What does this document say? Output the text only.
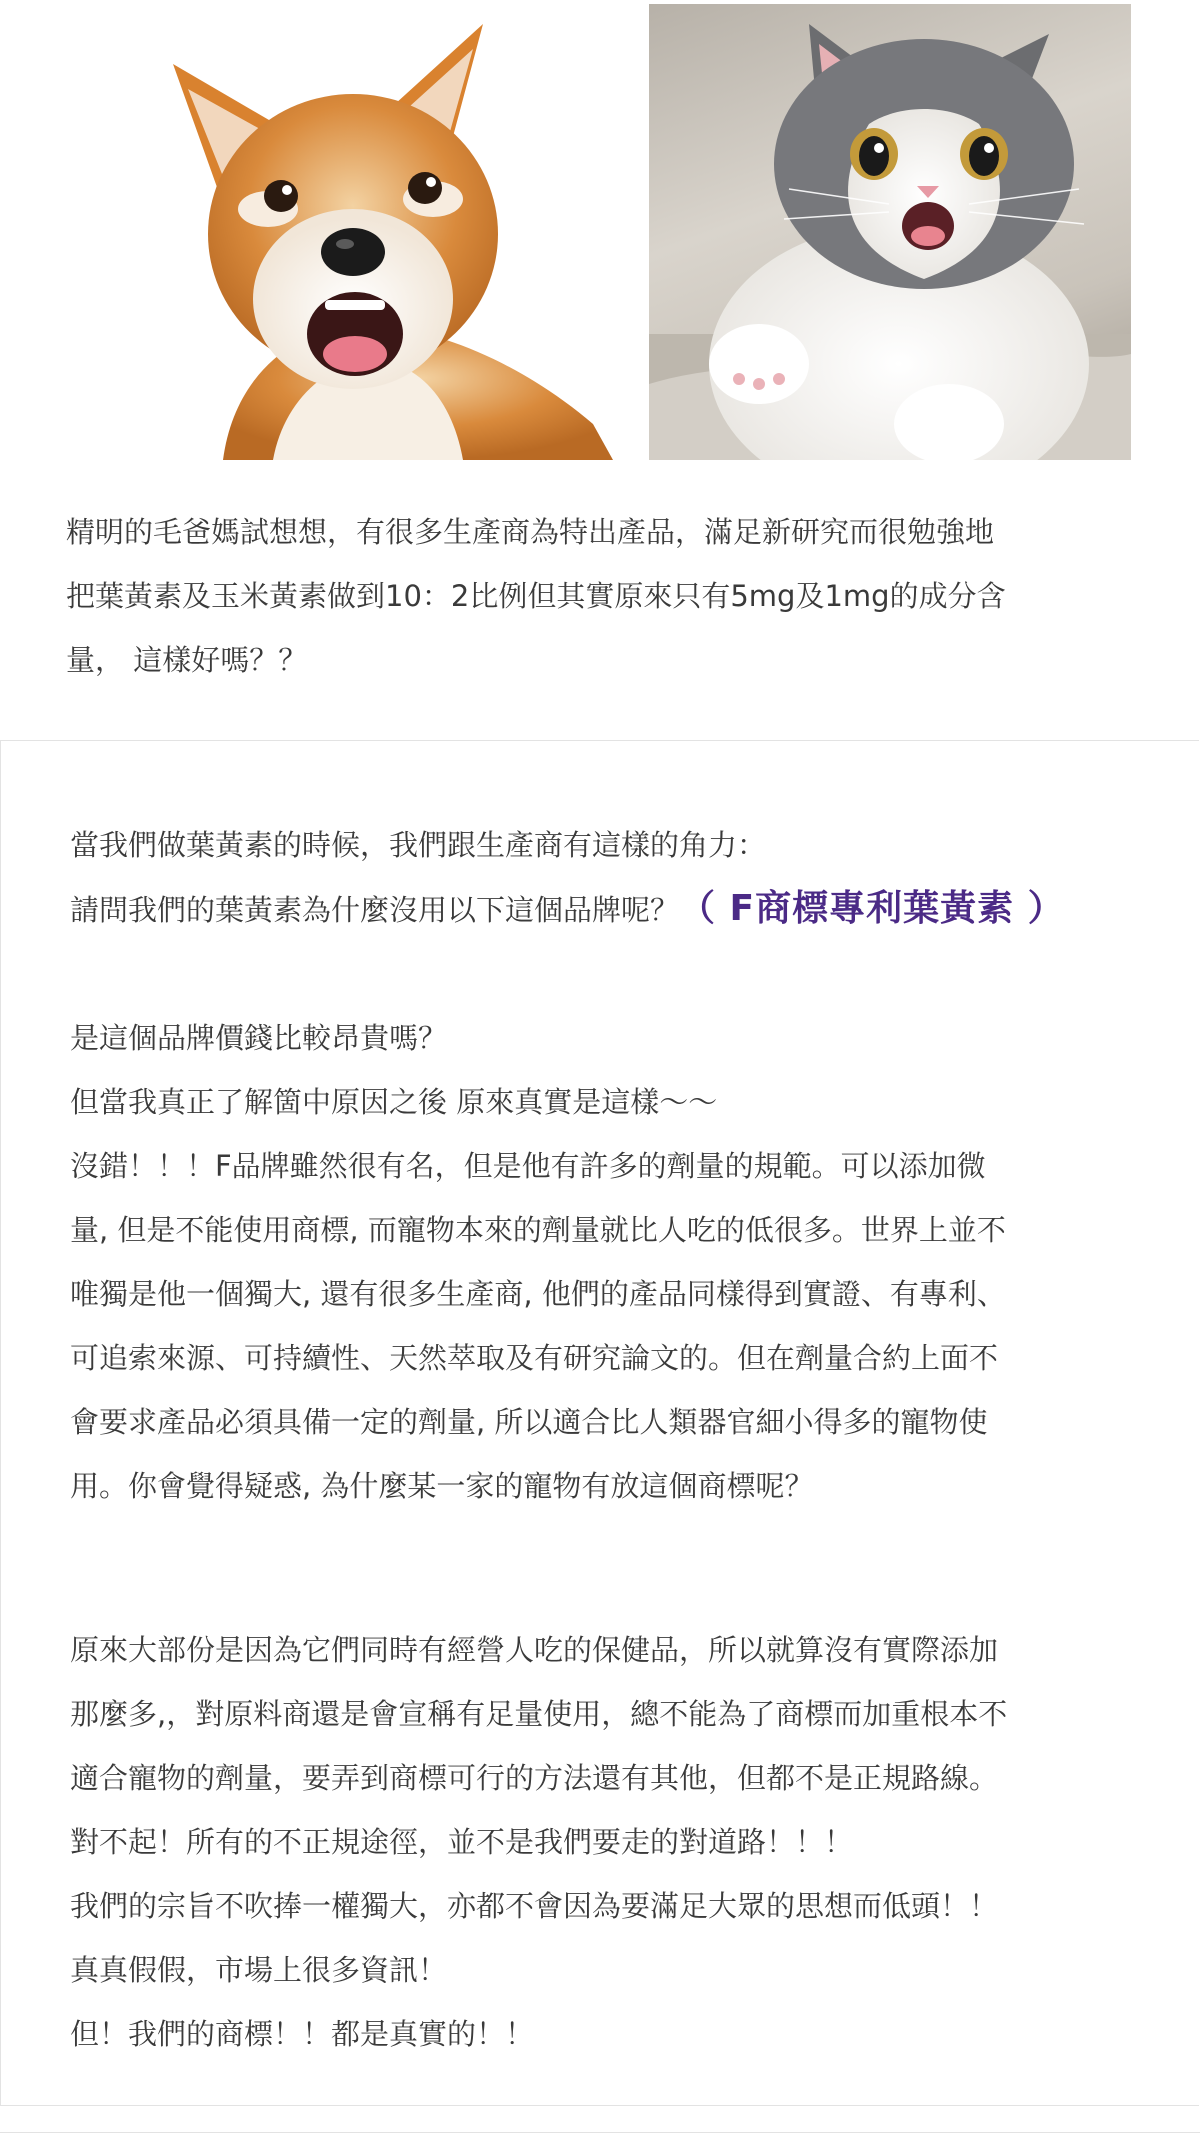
精明的毛爸媽試想想，有很多生產商為特出產品，滿足新研究而很勉強地

把葉黃素及玉米黃素做到10：2比例但其實原來只有5mg及1mg的成分含

量， 這樣好嗎？？

當我們做葉黃素的時候，我們跟生產商有這樣的角力：

請問我們的葉黃素為什麼沒用以下這個品牌呢？（ F商標專利葉黃素 ）

是這個品牌價錢比較昂貴嗎？

但當我真正了解箇中原因之後 原來真實是這樣～～

沒錯！！！F品牌雖然很有名，但是他有許多的劑量的規範。可以添加微

量, 但是不能使用商標, 而寵物本來的劑量就比人吃的低很多。世界上並不

唯獨是他一個獨大, 還有很多生產商, 他們的產品同樣得到實證、有專利、

可追索來源、可持續性、天然萃取及有研究論文的。但在劑量合約上面不

會要求產品必須具備一定的劑量, 所以適合比人類器官細小得多的寵物使

用。你會覺得疑惑, 為什麼某一家的寵物有放這個商標呢？

原來大部份是因為它們同時有經營人吃的保健品，所以就算沒有實際添加

那麼多,，對原料商還是會宣稱有足量使用，總不能為了商標而加重根本不

適合寵物的劑量，要弄到商標可行的方法還有其他，但都不是正規路線。

對不起！所有的不正規途徑，並不是我們要走的對道路！！！

我們的宗旨不吹捧一權獨大，亦都不會因為要滿足大眾的思想而低頭！！

真真假假，市場上很多資訊！

但！我們的商標！！都是真實的！！
